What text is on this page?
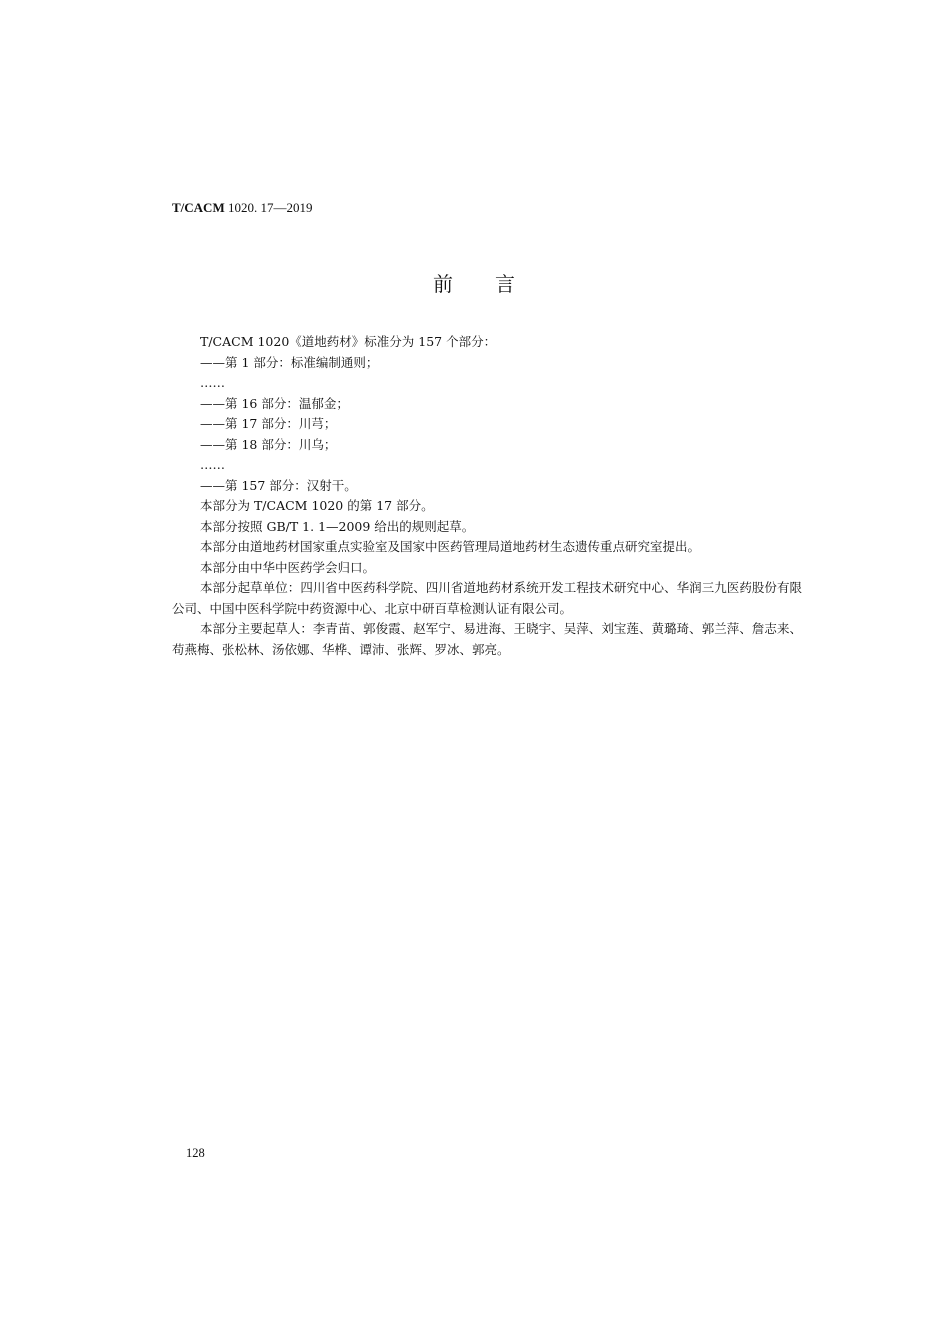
T/CACM 1020. 17—2019
前 言
T/CACM 1020《道地药材》标准分为 157 个部分：
——第 1 部分：标准编制通则；
……
——第 16 部分：温郁金；
——第 17 部分：川芎；
——第 18 部分：川乌；
……
——第 157 部分：汉射干。
本部分为 T/CACM 1020 的第 17 部分。
本部分按照 GB/T 1. 1—2009 给出的规则起草。
本部分由道地药材国家重点实验室及国家中医药管理局道地药材生态遗传重点研究室提出。
本部分由中华中医药学会归口。
本部分起草单位：四川省中医药科学院、四川省道地药材系统开发工程技术研究中心、华润三九医药股份有限公司、中国中医科学院中药资源中心、北京中研百草检测认证有限公司。
本部分主要起草人：李青苗、郭俊霞、赵军宁、易进海、王晓宇、吴萍、刘宝莲、黄璐琦、郭兰萍、詹志来、苟燕梅、张松林、汤依娜、华桦、谭沛、张辉、罗冰、郭亮。
128
